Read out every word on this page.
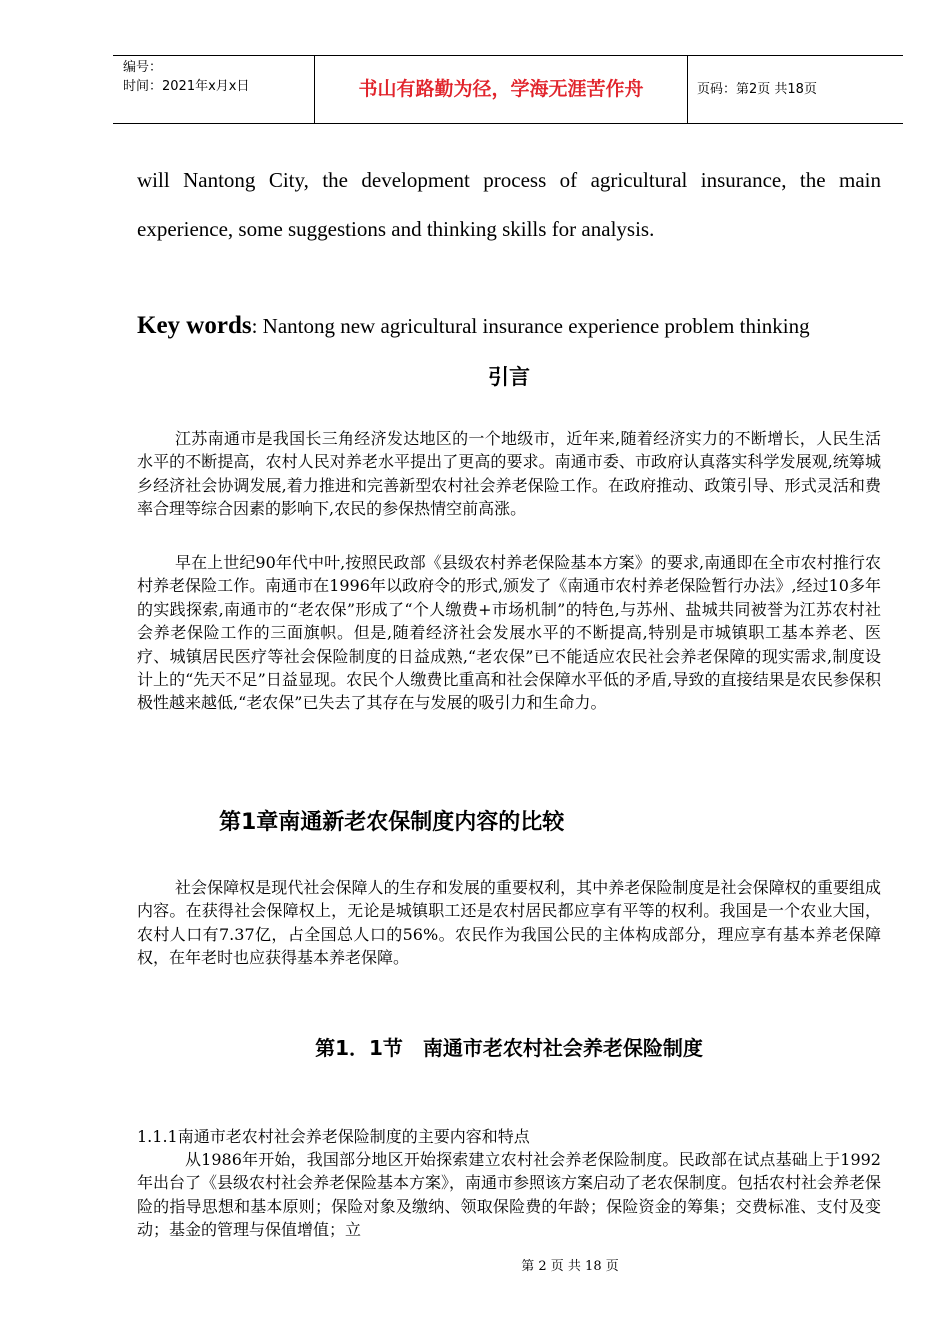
编号：
时间：2021年x月x日	书山有路勤为径，学海无涯苦作舟	页码：第2页 共18页
will Nantong City, the development process of agricultural insurance, the main experience, some suggestions and thinking skills for analysis.
Key words: Nantong new agricultural insurance experience problem thinking
引言
江苏南通市是我国长三角经济发达地区的一个地级市，近年来,随着经济实力的不断增长，人民生活水平的不断提高，农村人民对养老水平提出了更高的要求。南通市委、市政府认真落实科学发展观,统筹城乡经济社会协调发展,着力推进和完善新型农村社会养老保险工作。在政府推动、政策引导、形式灵活和费率合理等综合因素的影响下,农民的参保热情空前高涨。
早在上世纪90年代中叶,按照民政部《县级农村养老保险基本方案》的要求,南通即在全市农村推行农村养老保险工作。南通市在1996年以政府令的形式,颁发了《南通市农村养老保险暂行办法》,经过10多年的实践探索,南通市的“老农保”形成了“个人缴费+市场机制”的特色,与苏州、盐城共同被誉为江苏农村社会养老保险工作的三面旗帜。但是,随着经济社会发展水平的不断提高,特别是市城镇职工基本养老、医疗、城镇居民医疗等社会保险制度的日益成熟,“老农保”已不能适应农民社会养老保障的现实需求,制度设计上的“先天不足”日益显现。农民个人缴费比重高和社会保障水平低的矛盾,导致的直接结果是农民参保积极性越来越低,“老农保”已失去了其存在与发展的吸引力和生命力。
第1章南通新老农保制度内容的比较
社会保障权是现代社会保障人的生存和发展的重要权利，其中养老保险制度是社会保障权的重要组成内容。在获得社会保障权上，无论是城镇职工还是农村居民都应享有平等的权利。我国是一个农业大国，农村人口有7.37亿，占全国总人口的56%。农民作为我国公民的主体构成部分，理应享有基本养老保障权，在年老时也应获得基本养老保障。
第1．1节　南通市老农村社会养老保险制度
1.1.1南通市老农村社会养老保险制度的主要内容和特点
从1986年开始，我国部分地区开始探索建立农村社会养老保险制度。民政部在试点基础上于1992年出台了《县级农村社会养老保险基本方案》，南通市参照该方案启动了老农保制度。包括农村社会养老保险的指导思想和基本原则；保险对象及缴纳、领取保险费的年龄；保险资金的筹集；交费标准、支付及变动；基金的管理与保值增值；立
第 2 页 共 18 页
